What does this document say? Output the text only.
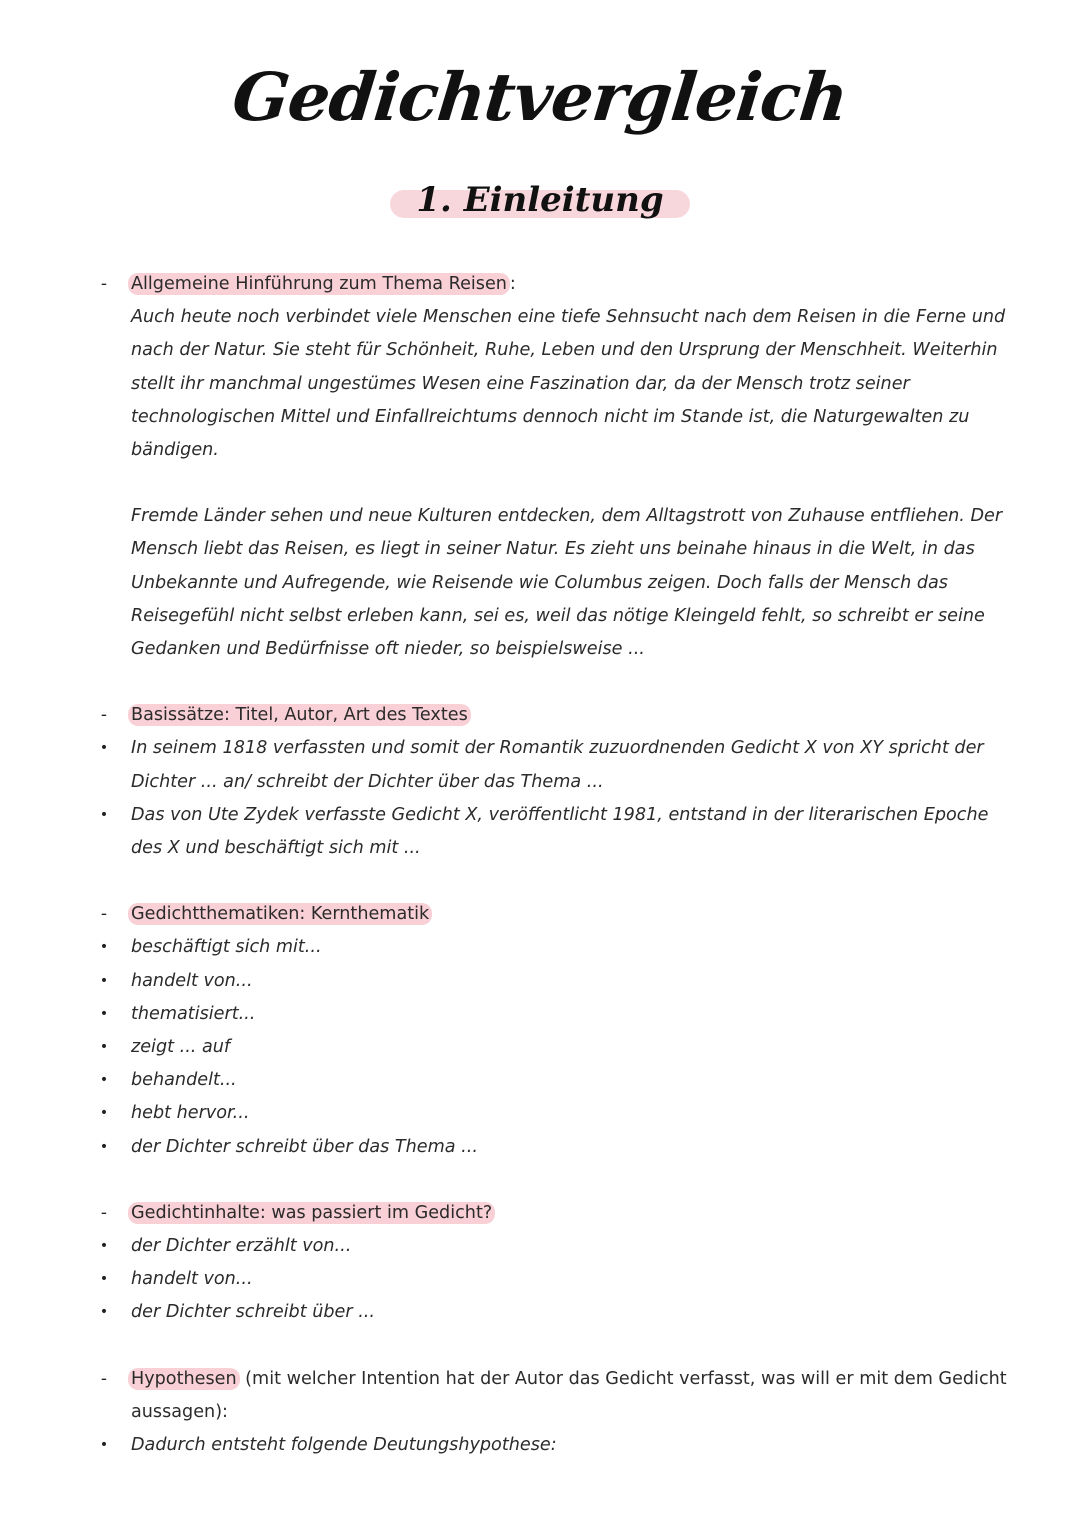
Gedichtvergleich
1. Einleitung
-	Allgemeine Hinführung zum Thema Reisen :
Auch heute noch verbindet viele Menschen eine tiefe Sehnsucht nach dem Reisen in die Ferne und nach der Natur. Sie steht für Schönheit, Ruhe, Leben und den Ursprung der Menschheit. Weiterhin stellt ihr manchmal ungestümes Wesen eine Faszination dar, da der Mensch trotz seiner technologischen Mittel und Einfallreichtums dennoch nicht im Stande ist, die Naturgewalten zu bändigen.
Fremde Länder sehen und neue Kulturen entdecken, dem Alltagstrott von Zuhause entfliehen. Der Mensch liebt das Reisen, es liegt in seiner Natur. Es zieht uns beinahe hinaus in die Welt, in das Unbekannte und Aufregende, wie Reisende wie Columbus zeigen. Doch falls der Mensch das Reisegefühl nicht selbst erleben kann, sei es, weil das nötige Kleingeld fehlt, so schreibt er seine Gedanken und Bedürfnisse oft nieder, so beispielsweise ...
-	Basissätze: Titel, Autor, Art des Textes
•	In seinem 1818 verfassten und somit der Romantik zuzuordnenden Gedicht X von XY spricht der Dichter ... an/ schreibt der Dichter über das Thema ...
•	Das von Ute Zydek verfasste Gedicht X, veröffentlicht 1981, entstand in der literarischen Epoche des X und beschäftigt sich mit ...
-	Gedichtthematiken: Kernthematik
•	beschäftigt sich mit...
•	handelt von...
•	thematisiert...
•	zeigt ... auf
•	behandelt...
•	hebt hervor...
•	der Dichter schreibt über das Thema ...
-	Gedichtinhalte: was passiert im Gedicht?
•	der Dichter erzählt von...
•	handelt von...
•	der Dichter schreibt über ...
-	Hypothesen (mit welcher Intention hat der Autor das Gedicht verfasst, was will er mit dem Gedicht aussagen):
•	Dadurch entsteht folgende Deutungshypothese:
